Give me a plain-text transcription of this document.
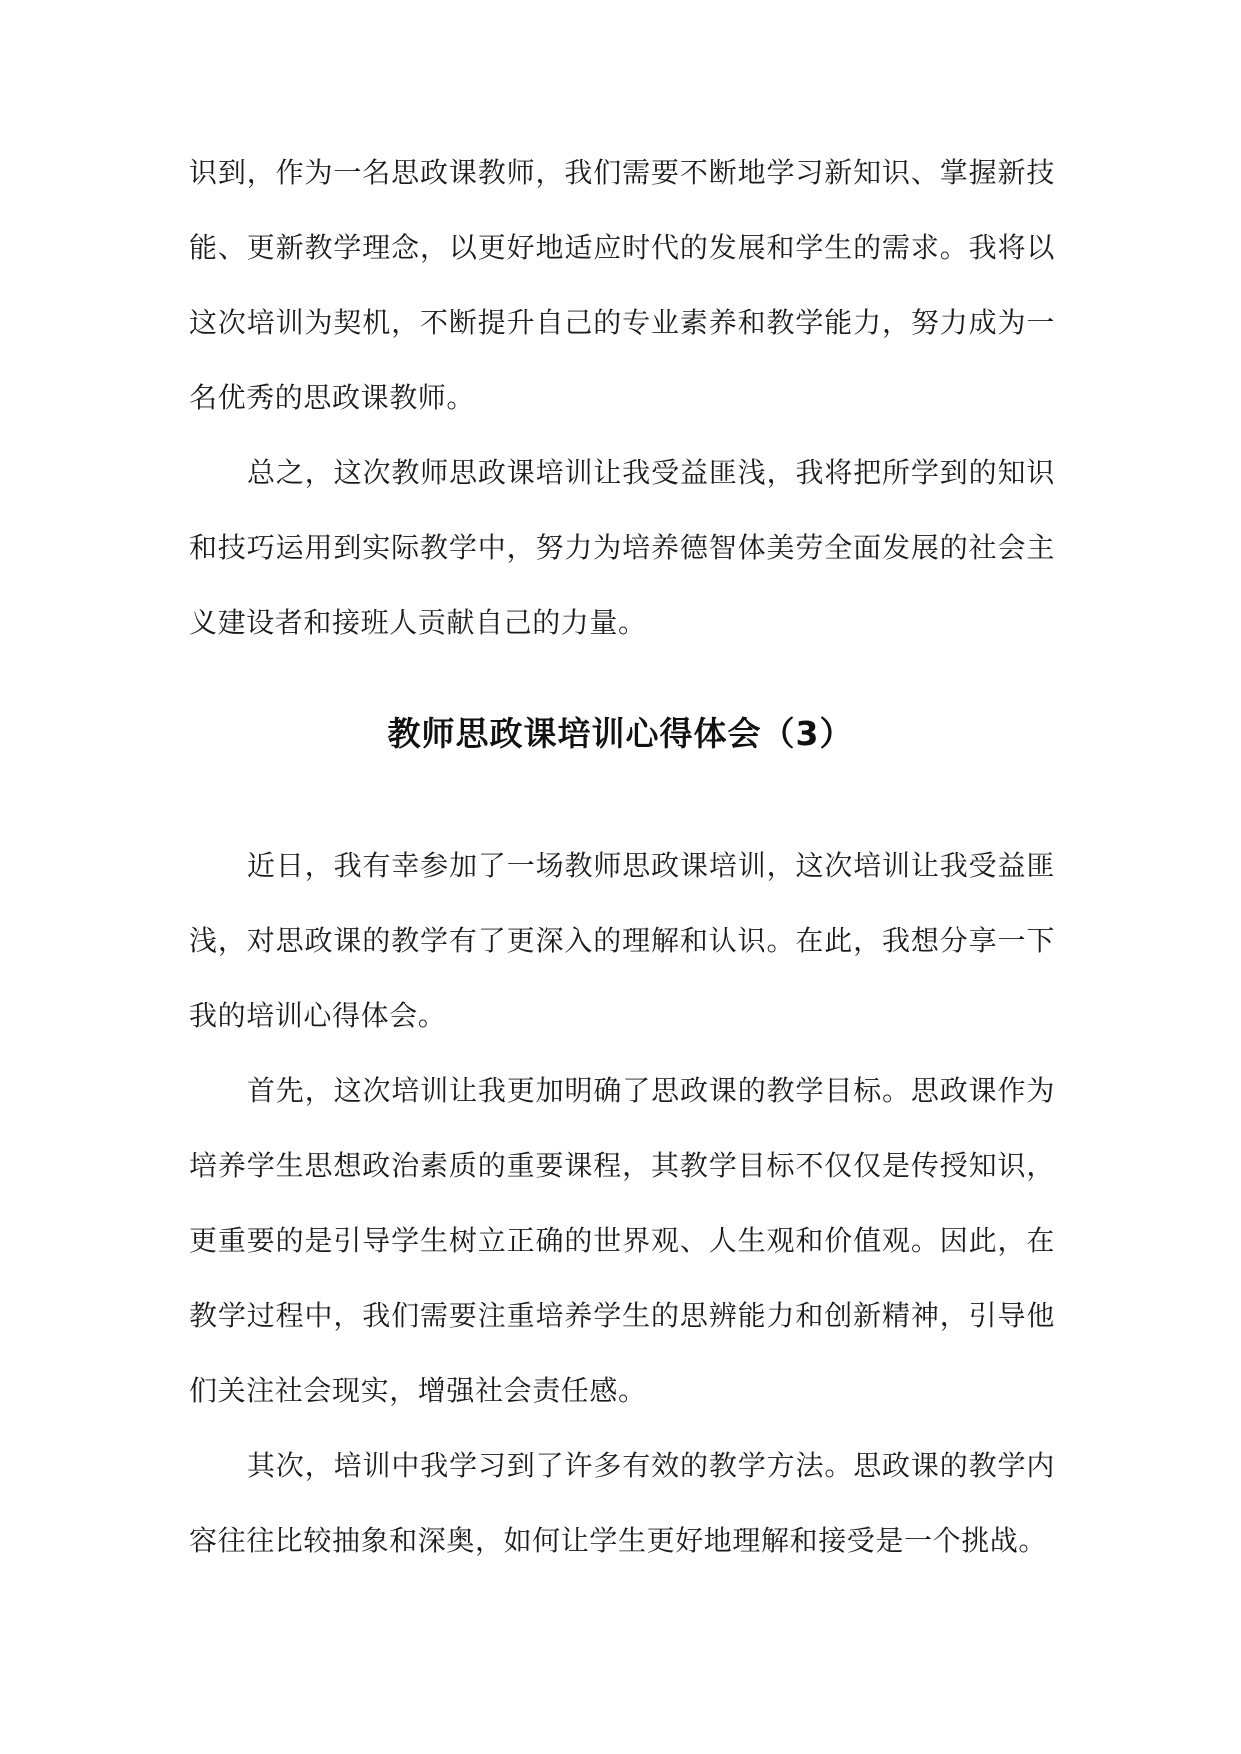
识到，作为一名思政课教师，我们需要不断地学习新知识、掌握新技能、更新教学理念，以更好地适应时代的发展和学生的需求。我将以这次培训为契机，不断提升自己的专业素养和教学能力，努力成为一名优秀的思政课教师。

总之，这次教师思政课培训让我受益匪浅，我将把所学到的知识和技巧运用到实际教学中，努力为培养德智体美劳全面发展的社会主义建设者和接班人贡献自己的力量。

教师思政课培训心得体会（3）

近日，我有幸参加了一场教师思政课培训，这次培训让我受益匪浅，对思政课的教学有了更深入的理解和认识。在此，我想分享一下我的培训心得体会。

首先，这次培训让我更加明确了思政课的教学目标。思政课作为培养学生思想政治素质的重要课程，其教学目标不仅仅是传授知识，更重要的是引导学生树立正确的世界观、人生观和价值观。因此，在教学过程中，我们需要注重培养学生的思辨能力和创新精神，引导他们关注社会现实，增强社会责任感。

其次，培训中我学习到了许多有效的教学方法。思政课的教学内容往往比较抽象和深奥，如何让学生更好地理解和接受是一个挑战。
